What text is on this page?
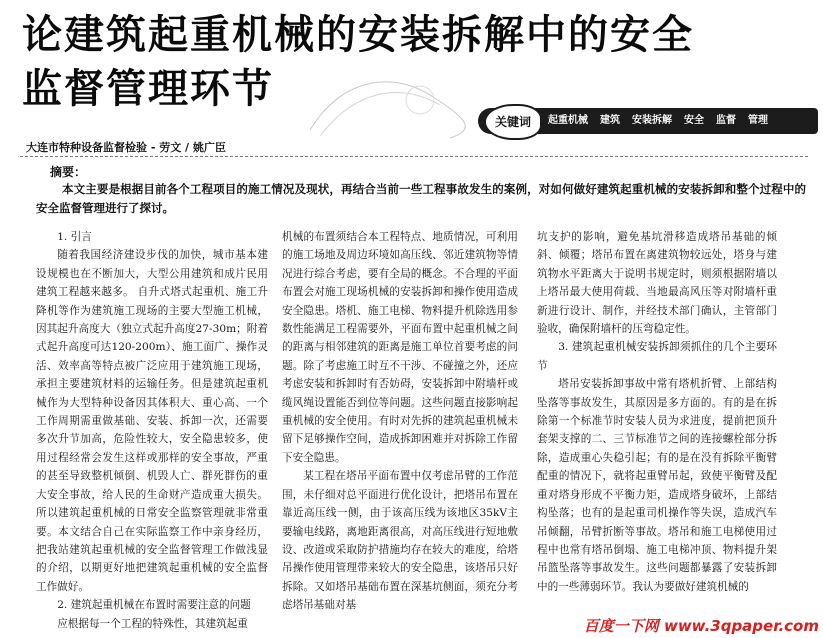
论建筑起重机械的安装拆解中的安全
监督管理环节
关键词	起重机械 建筑 安装拆解 安全 监督 管理
大连市特种设备监督检验 - 劳文 / 姚广臣
摘要：
本文主要是根据目前各个工程项目的施工情况及现状，再结合当前一些工程事故发生的案例，对如何做好建筑起重机械的安装拆卸和整个过程中的安全监督管理进行了探讨。
1. 引言

随着我国经济建设步伐的加快，城市基本建设规模也在不断加大，大型公用建筑和成片民用建筑工程越来越多。 自升式塔式起重机、施工升降机等作为建筑施工现场的主要大型施工机械，因其起升高度大（独立式起升高度27-30m；附着式起升高度可达120-200m）、施工面广、操作灵活、效率高等特点被广泛应用于建筑施工现场，承担主要建筑材料的运输任务。但是建筑起重机械作为大型特种设备因其体积大、重心高、一个工作周期需重做基础、安装、拆卸一次，还需要多次升节加高，危险性较大，安全隐患较多，使用过程经常会发生这样或那样的安全事故，严重的甚至导致整机倾倒、机毁人亡、群死群伤的重大安全事故，给人民的生命财产造成重大损失。所以建筑起重机械的日常安全监察管理就非常重要。本文结合自己在实际监察工作中亲身经历，把我站建筑起重机械的安全监督管理工作做浅显的介绍，以期更好地把建筑起重机械的安全监督工作做好。

2. 建筑起重机械在布置时需要注意的问题

应根据每一个工程的特殊性，其建筑起重

机械的布置须结合本工程特点、地质情况，可利用的施工场地及周边环境如高压线、邻近建筑物等情况进行综合考虑，要有全局的概念。不合理的平面布置会对施工现场机械的安装拆卸和操作使用造成安全隐患。塔机、施工电梯、物料提升机除选用参数性能满足工程需要外，平面布置中起重机械之间的距离与相邻建筑的距离是施工单位首要考虑的问题。除了考虑施工时互不干涉、不碰撞之外，还应考虑安装和拆卸时有否妨碍，安装拆卸中附墙杆或缆风绳设置能否到位等问题。这些问题直接影响起重机械的安全使用。有时对先拆的建筑起重机械未留下足够操作空间，造成拆卸困难并对拆除工作留下安全隐患。

某工程在塔吊平面布置中仅考虑吊臂的工作范围，未仔细对总平面进行优化设计，把塔吊布置在靠近高压线一侧，由于该高压线为该地区35kV主要输电线路，离地距离很高，对高压线进行短地敷设、改道或采取防护措施均存在较大的难度，给塔吊操作使用管理带来较大的安全隐患，该塔吊只好拆除。又如塔吊基础布置在深基坑侧面，须充分考虑塔吊基础对基

坑支护的影响，避免基坑滑移造成塔吊基础的倾斜、倾覆；塔吊布置在离建筑物较远处，塔身与建筑物水平距离大于说明书规定时，则须根据附墙以上塔吊最大使用荷载、当地最高风压等对附墙杆重新进行设计、制作，并经技术部门确认，主管部门验收，确保附墙杆的压弯稳定性。

3. 建筑起重机械安装拆卸须抓住的几个主要环节

塔吊安装拆卸事故中常有塔机折臂、上部结构坠落等事故发生，其原因是多方面的。有的是在拆除第一个标准节时安装人员为求进度，提前把顶升套架支撑的二、三节标准节之间的连接螺栓部分拆除，造成重心失稳引起；有的是在没有拆除平衡臂配重的情况下，就将起重臂吊起，致使平衡臂及配重对塔身形成不平衡力矩，造成塔身破坏，上部结构坠落；也有的是起重司机操作等失误，造成汽车吊倾翻，吊臂折断等事故。塔吊和施工电梯使用过程中也常有塔吊倒塌、施工电梯冲顶、物料提升架吊篮坠落等事故发生。这些问题都暴露了安装拆卸中的一些薄弱环节。我认为要做好建筑机械的

百度一下网 www.3qpaper.com
